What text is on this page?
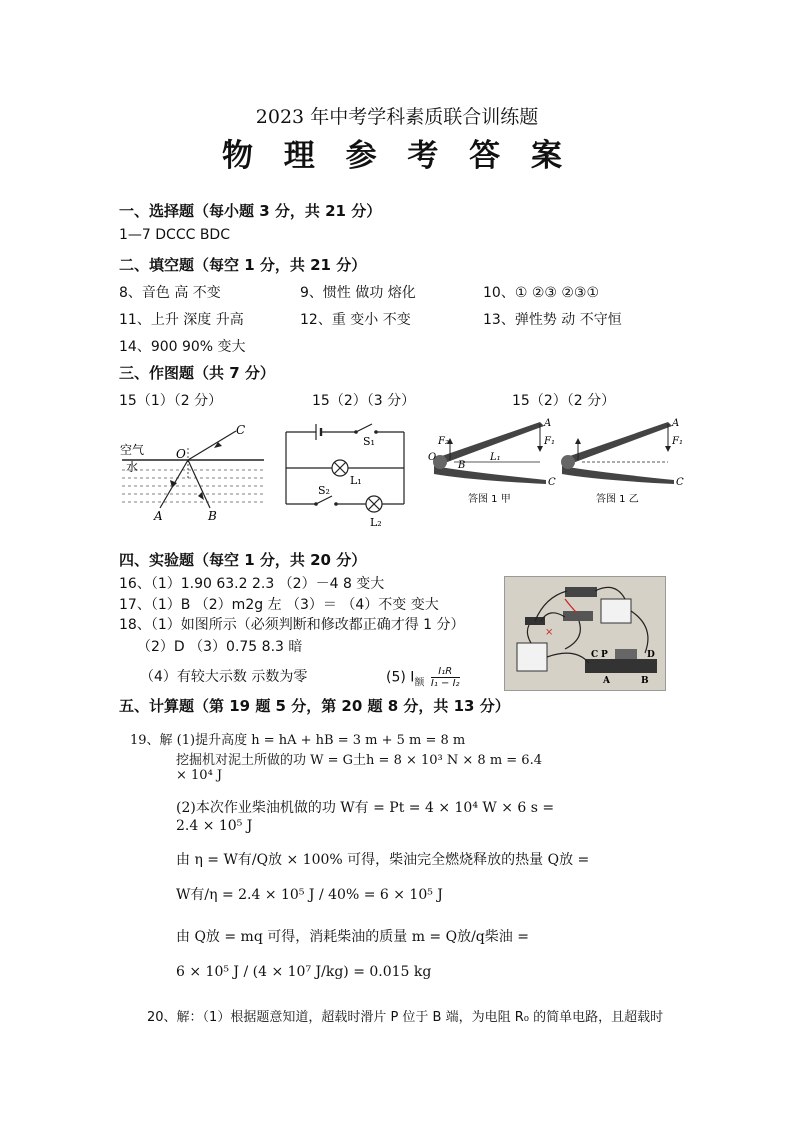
2023 年中考学科素质联合训练题
物 理 参 考 答 案
一、选择题（每小题 3 分，共 21 分）
1—7 DCCC BDC
二、填空题（每空 1 分，共 21 分）
8、音色 高 不变	9、惯性 做功 熔化	10、① ②③ ②③①
11、上升 深度 升高	12、重 变小 不变	13、弹性势 动 不守恒
14、900 90% 变大
三、作图题（共 7 分）
15（1）（2 分）	15（2）（3 分）	15（2）（2 分）
空气
水
O
C
A	B
S₁
L₁
S₂
L₂
A
F₁
F₂
O
B
L₁
C
答图 1 甲
A
F₁
C
答图 1 乙
四、实验题（每空 1 分，共 20 分）
16、（1）1.90 63.2 2.3 （2）－4 8 变大
17、（1）B （2）m2g 左 （3）＝ （4）不变 变大
18、（1）如图所示（必须判断和修改都正确才得 1 分）
（2）D （3）0.75 8.3 暗
（4）有较大示数 示数为零	(5) $I_额 \frac{\text{I₁R}}{\text{I₁ − I₂}}$
×
C P	D
A	B
五、计算题（第 19 题 5 分，第 20 题 8 分，共 13 分）
19、解 (1)提升高度 h = hA + hB = 3 m + 5 m = 8 m
挖掘机对泥土所做的功 W = G土h = 8 × 10³ N × 8 m = 6.4
× 10⁴ J
(2)本次作业柴油机做的功 W有 = Pt = 4 × 10⁴ W × 6 s =
2.4 × 10⁵ J
由 η = W有/Q放 × 100% 可得，柴油完全燃烧释放的热量 Q放 =
W有/η = 2.4 × 10⁵ J / 40% = 6 × 10⁵ J
由 Q放 = mq 可得，消耗柴油的质量 m = Q放/q柴油 =
6 × 10⁵ J / (4 × 10⁷ J/kg) = 0.015 kg
20、解：（1）根据题意知道，超载时滑片 P 位于 B 端，为电阻 R₀ 的简单电路，且超载时
